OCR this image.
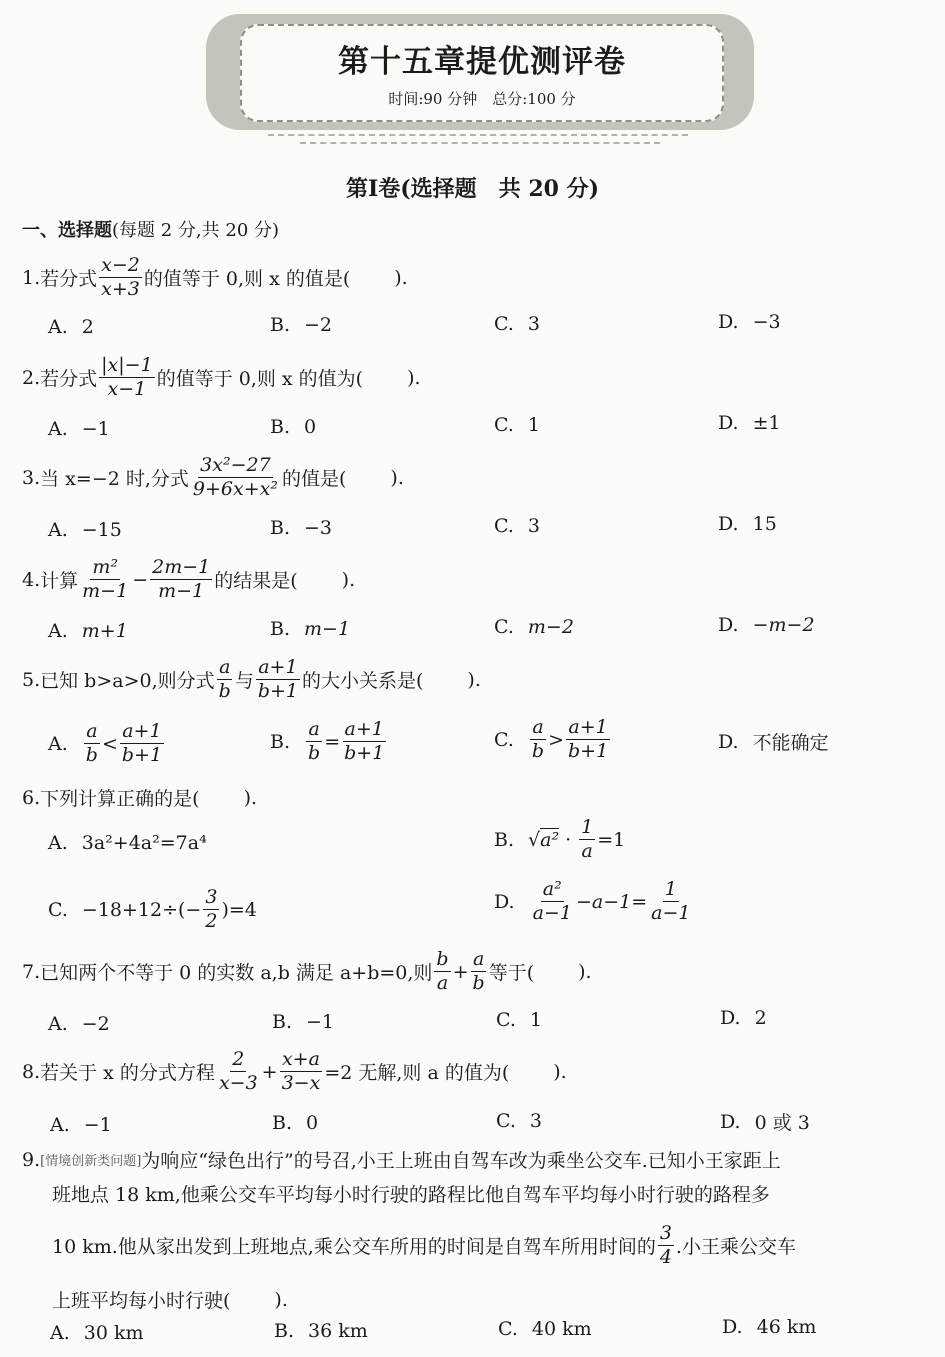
第十五章提优测评卷
时间:90 分钟　总分:100 分
第Ⅰ卷(选择题　共 20 分)
一、选择题(每题 2 分,共 20 分)
1. 若分式 $\frac{x-2}{x+3}$ 的值等于 0,则 x 的值是( ).
A. 2	B. −2	C. 3	D. −3
2. 若分式 $\frac{|x|-1}{x-1}$ 的值等于 0,则 x 的值为( ).
A. −1	B. 0	C. 1	D. ±1
3. 当 x=−2 时,分式 $\frac{\text{3x²−27}}{\text{9+6x+x²}}$ 的值是( ).
A. −15	B. −3	C. 3	D. 15
4. 计算 $\frac{\text{m²}}{m-1} - \frac{2m-1}{m-1}$ 的结果是( ).
A. m+1	B. m−1	C. m−2	D. −m−2
5. 已知 b>a>0,则分式 $\frac{a}{b}$ 与 $\frac{a+1}{b+1}$ 的大小关系是( ).
A. $\frac{a}{b} < \frac{a+1}{b+1}$	B. $\frac{a}{b} = \frac{a+1}{b+1}$	C. $\frac{a}{b} > \frac{a+1}{b+1}$	D. 不能确定
6. 下列计算正确的是( ).
A. 3a²+4a²=7a⁴	B. $√a^2 \cdot \frac{1}{a} =1$
C. $-18+12\div(- \frac{3}{2} )=4$	D. $\frac{\text{a²}}{a-1} -a-1= \frac{1}{a-1}$
7. 已知两个不等于 0 的实数 a,b 满足 a+b=0,则 $\frac{b}{a} + \frac{a}{b}$ 等于( ).
A. −2	B. −1	C. 1	D. 2
8. 若关于 x 的分式方程 $\frac{2}{x-3} + \frac{x+a}{3-x} =2$ 无解,则 a 的值为( ).
A. −1	B. 0	C. 3	D. 0 或 3
9. [情境创新类问题] 为响应“绿色出行”的号召,小王上班由自驾车改为乘坐公交车.已知小王家距上
班地点 18 km,他乘公交车平均每小时行驶的路程比他自驾车平均每小时行驶的路程多
10 km.他从家出发到上班地点,乘公交车所用的时间是自驾车所用时间的 $\frac{3}{4}$ .小王乘公交车
上班平均每小时行驶( ).
A. 30 km	B. 36 km	C. 40 km	D. 46 km
